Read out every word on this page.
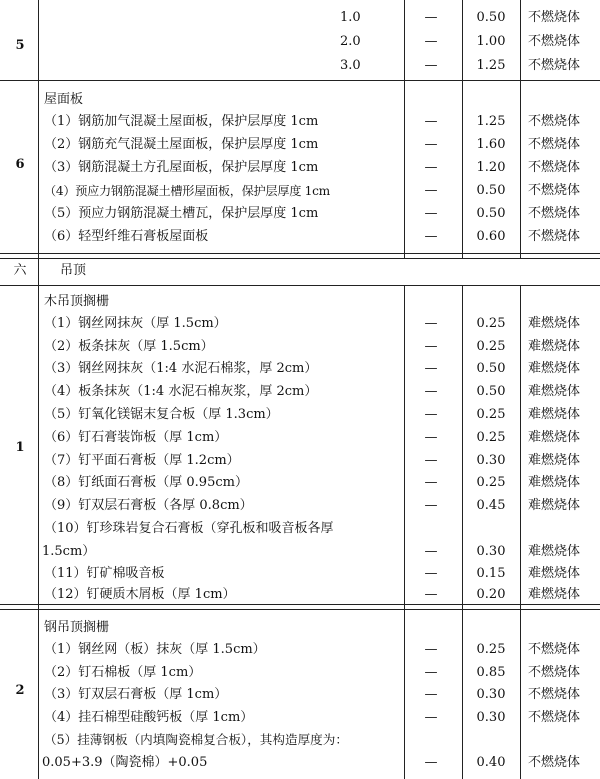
5
1.0	—	0.50	不燃烧体
2.0	—	1.00	不燃烧体
3.0	—	1.25	不燃烧体
6
屋面板
（1）钢筋加气混凝土屋面板，保护层厚度 1cm	—	1.25	不燃烧体
（2）钢筋充气混凝土屋面板，保护层厚度 1cm	—	1.60	不燃烧体
（3）钢筋混凝土方孔屋面板，保护层厚度 1cm	—	1.20	不燃烧体
（4）预应力钢筋混凝土槽形屋面板，保护层厚度 1cm	—	0.50	不燃烧体
（5）预应力钢筋混凝土槽瓦，保护层厚度 1cm	—	0.50	不燃烧体
（6）轻型纤维石膏板屋面板	—	0.60	不燃烧体
六	吊顶
1
木吊顶搁栅
（1）钢丝网抹灰（厚 1.5cm）	—	0.25	难燃烧体
（2）板条抹灰（厚 1.5cm）	—	0.25	难燃烧体
（3）钢丝网抹灰（1:4 水泥石棉浆，厚 2cm）	—	0.50	难燃烧体
（4）板条抹灰（1:4 水泥石棉灰浆，厚 2cm）	—	0.50	难燃烧体
（5）钉氧化镁锯末复合板（厚 1.3cm）	—	0.25	难燃烧体
（6）钉石膏装饰板（厚 1cm）	—	0.25	难燃烧体
（7）钉平面石膏板（厚 1.2cm）	—	0.30	难燃烧体
（8）钉纸面石膏板（厚 0.95cm）	—	0.25	难燃烧体
（9）钉双层石膏板（各厚 0.8cm）	—	0.45	难燃烧体
（10）钉珍珠岩复合石膏板（穿孔板和吸音板各厚
1.5cm）	—	0.30	难燃烧体
（11）钉矿棉吸音板	—	0.15	难燃烧体
（12）钉硬质木屑板（厚 1cm）	—	0.20	难燃烧体
2
钢吊顶搁栅
（1）钢丝网（板）抹灰（厚 1.5cm）	—	0.25	不燃烧体
（2）钉石棉板（厚 1cm）	—	0.85	不燃烧体
（3）钉双层石膏板（厚 1cm）	—	0.30	不燃烧体
（4）挂石棉型硅酸钙板（厚 1cm）	—	0.30	不燃烧体
（5）挂薄钢板（内填陶瓷棉复合板），其构造厚度为：
0.05+3.9（陶瓷棉）+0.05	—	0.40	不燃烧体
